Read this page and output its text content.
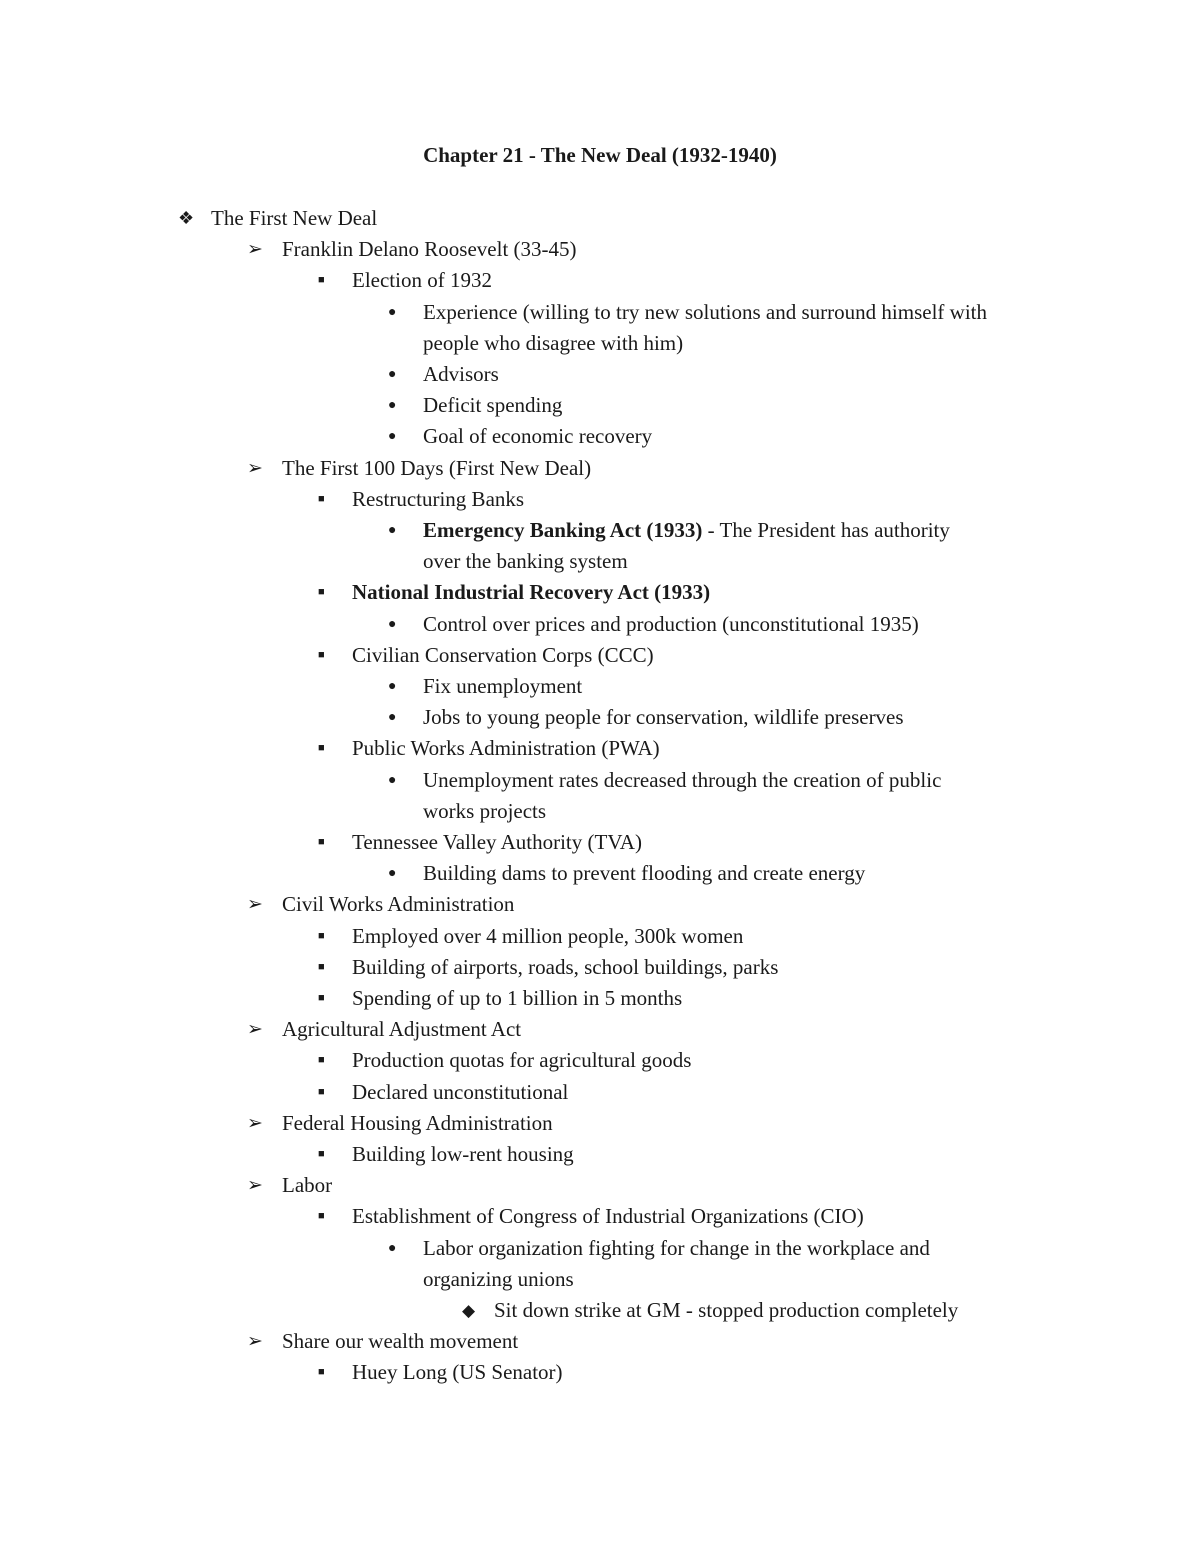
Chapter 21 - The New Deal (1932-1940)
❖ The First New Deal
➢ Franklin Delano Roosevelt (33-45)
■ Election of 1932
● Experience (willing to try new solutions and surround himself with
people who disagree with him)
● Advisors
● Deficit spending
● Goal of economic recovery
➢ The First 100 Days (First New Deal)
■ Restructuring Banks
● Emergency Banking Act (1933) - The President has authority
over the banking system
■ National Industrial Recovery Act (1933)
● Control over prices and production (unconstitutional 1935)
■ Civilian Conservation Corps (CCC)
● Fix unemployment
● Jobs to young people for conservation, wildlife preserves
■ Public Works Administration (PWA)
● Unemployment rates decreased through the creation of public
works projects
■ Tennessee Valley Authority (TVA)
● Building dams to prevent flooding and create energy
➢ Civil Works Administration
■ Employed over 4 million people, 300k women
■ Building of airports, roads, school buildings, parks
■ Spending of up to 1 billion in 5 months
➢ Agricultural Adjustment Act
■ Production quotas for agricultural goods
■ Declared unconstitutional
➢ Federal Housing Administration
■ Building low-rent housing
➢ Labor
■ Establishment of Congress of Industrial Organizations (CIO)
● Labor organization fighting for change in the workplace and
organizing unions
◆ Sit down strike at GM - stopped production completely
➢ Share our wealth movement
■ Huey Long (US Senator)
